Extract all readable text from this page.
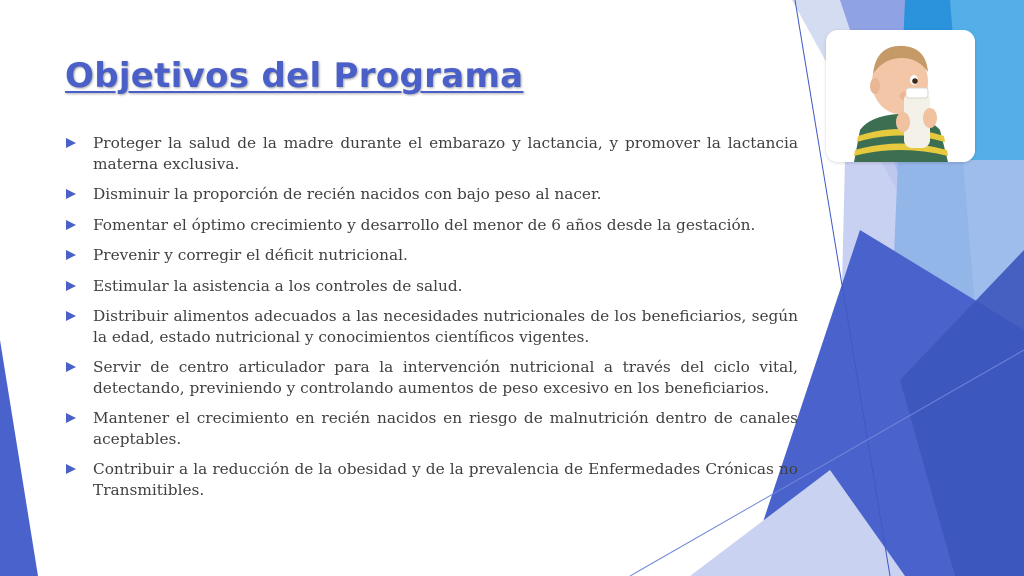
Objetivos del Programa
Proteger la salud de la madre durante el embarazo y lactancia, y promover la lactancia materna exclusiva.
Disminuir la proporción de recién nacidos con bajo peso al nacer.
Fomentar el óptimo crecimiento y desarrollo del menor de 6 años desde la gestación.
Prevenir y corregir el déficit nutricional.
Estimular la asistencia a los controles de salud.
Distribuir alimentos adecuados a las necesidades nutricionales de los beneficiarios, según la edad, estado nutricional y conocimientos científicos vigentes.
Servir de centro articulador para la intervención nutricional a través del ciclo vital, detectando, previniendo y controlando aumentos de peso excesivo en los beneficiarios.
Mantener el crecimiento en recién nacidos en riesgo de malnutrición dentro de canales aceptables.
Contribuir a la reducción de la obesidad y de la prevalencia de Enfermedades Crónicas no Transmitibles.
